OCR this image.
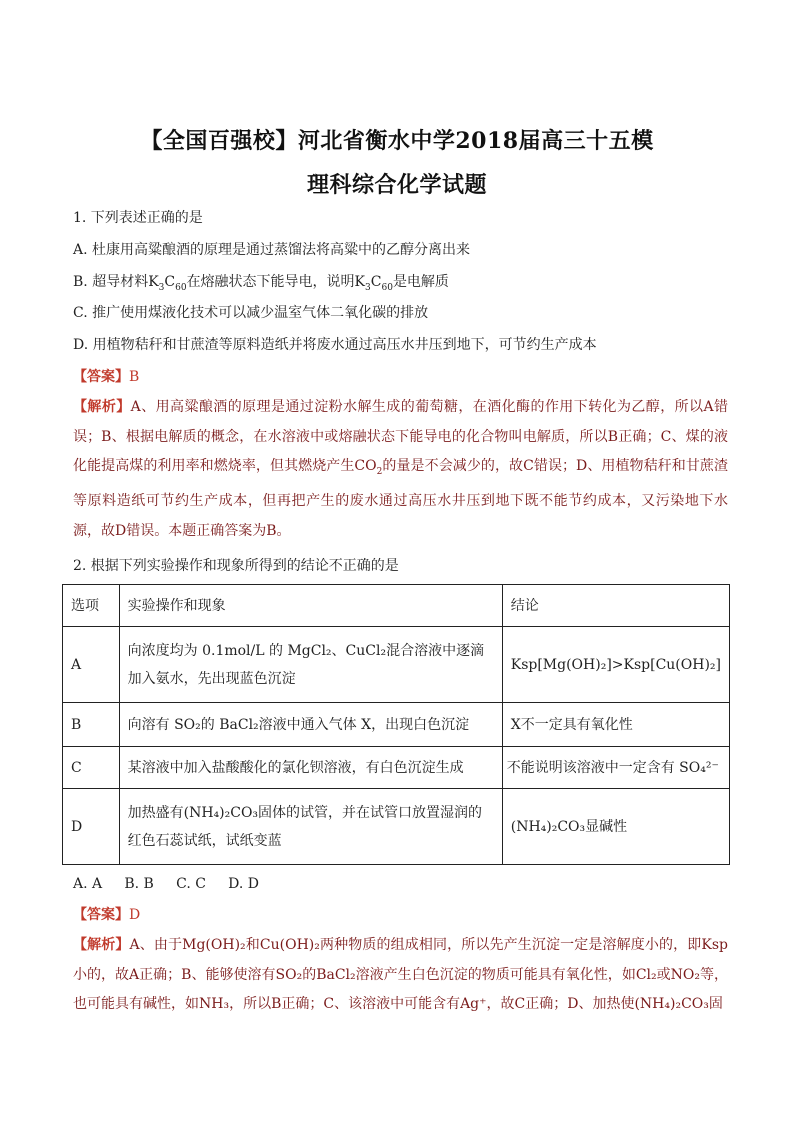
【全国百强校】河北省衡水中学2018届高三十五模
理科综合化学试题
1. 下列表述正确的是
A. 杜康用高粱酿酒的原理是通过蒸馏法将高粱中的乙醇分离出来
B. 超导材料$K_3C_{60}$在熔融状态下能导电，说明$K_3C_{60}$是电解质
C. 推广使用煤液化技术可以减少温室气体二氧化碳的排放
D. 用植物秸秆和甘蔗渣等原料造纸并将废水通过高压水井压到地下，可节约生产成本
【答案】B
【解析】A、用高粱酿酒的原理是通过淀粉水解生成的葡萄糖，在酒化酶的作用下转化为乙醇，所以A错误；B、根据电解质的概念，在水溶液中或熔融状态下能导电的化合物叫电解质，所以B正确；C、煤的液化能提高煤的利用率和燃烧率，但其燃烧产生$CO_2$的量是不会减少的，故C错误；D、用植物秸秆和甘蔗渣等原料造纸可节约生产成本，但再把产生的废水通过高压水井压到地下既不能节约成本，又污染地下水源，故D错误。本题正确答案为B。
2. 根据下列实验操作和现象所得到的结论不正确的是
选项	实验操作和现象	结论
A	向浓度均为 0.1mol/L 的 MgCl₂、CuCl₂混合溶液中逐滴加入氨水，先出现蓝色沉淀	Ksp[Mg(OH)₂]>Ksp[Cu(OH)₂]
B	向溶有 SO₂的 BaCl₂溶液中通入气体 X，出现白色沉淀	X不一定具有氧化性
C	某溶液中加入盐酸酸化的氯化钡溶液，有白色沉淀生成	不能说明该溶液中一定含有 SO₄²⁻
D	加热盛有(NH₄)₂CO₃固体的试管，并在试管口放置湿润的红色石蕊试纸，试纸变蓝	(NH₄)₂CO₃显碱性
A. A     B. B     C. C     D. D
【答案】D
【解析】A、由于Mg(OH)₂和Cu(OH)₂两种物质的组成相同，所以先产生沉淀一定是溶解度小的，即Ksp小的，故A正确；B、能够使溶有SO₂的BaCl₂溶液产生白色沉淀的物质可能具有氧化性，如Cl₂或NO₂等，也可能具有碱性，如NH₃，所以B正确；C、该溶液中可能含有Ag⁺，故C正确；D、加热使(NH₄)₂CO₃固
